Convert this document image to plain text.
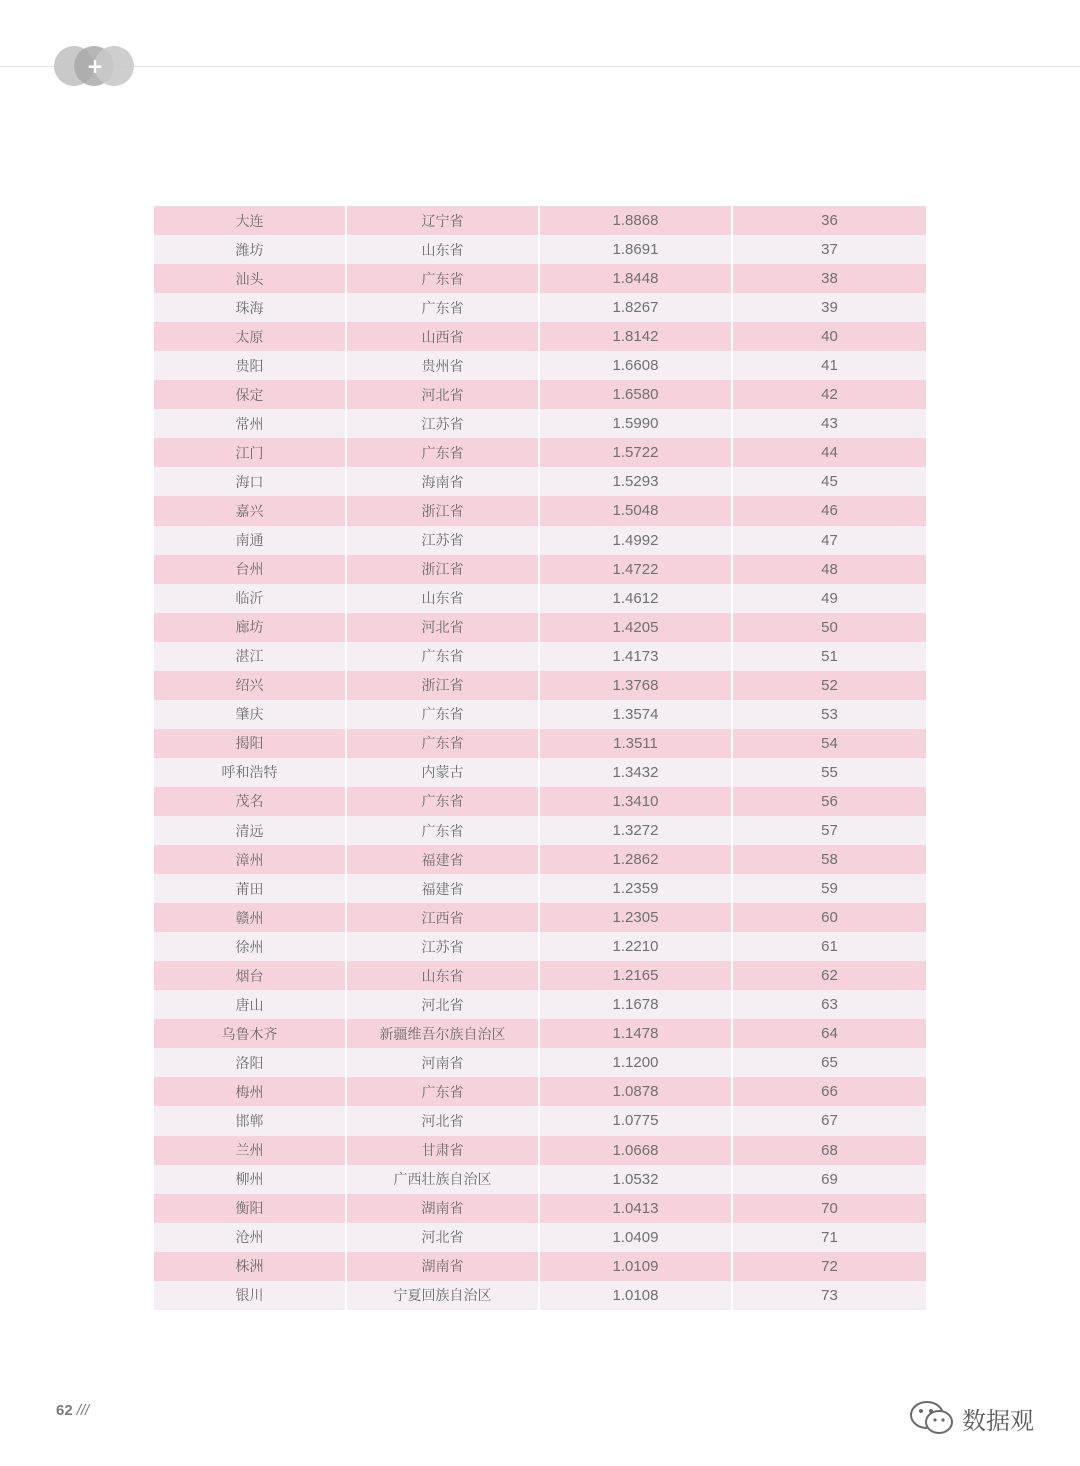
+
大连	辽宁省	1.8868	36
潍坊	山东省	1.8691	37
汕头	广东省	1.8448	38
珠海	广东省	1.8267	39
太原	山西省	1.8142	40
贵阳	贵州省	1.6608	41
保定	河北省	1.6580	42
常州	江苏省	1.5990	43
江门	广东省	1.5722	44
海口	海南省	1.5293	45
嘉兴	浙江省	1.5048	46
南通	江苏省	1.4992	47
台州	浙江省	1.4722	48
临沂	山东省	1.4612	49
廊坊	河北省	1.4205	50
湛江	广东省	1.4173	51
绍兴	浙江省	1.3768	52
肇庆	广东省	1.3574	53
揭阳	广东省	1.3511	54
呼和浩特	内蒙古	1.3432	55
茂名	广东省	1.3410	56
清远	广东省	1.3272	57
漳州	福建省	1.2862	58
莆田	福建省	1.2359	59
赣州	江西省	1.2305	60
徐州	江苏省	1.2210	61
烟台	山东省	1.2165	62
唐山	河北省	1.1678	63
乌鲁木齐	新疆维吾尔族自治区	1.1478	64
洛阳	河南省	1.1200	65
梅州	广东省	1.0878	66
邯郸	河北省	1.0775	67
兰州	甘肃省	1.0668	68
柳州	广西壮族自治区	1.0532	69
衡阳	湖南省	1.0413	70
沧州	河北省	1.0409	71
株洲	湖南省	1.0109	72
银川	宁夏回族自治区	1.0108	73
62 ///	数据观
